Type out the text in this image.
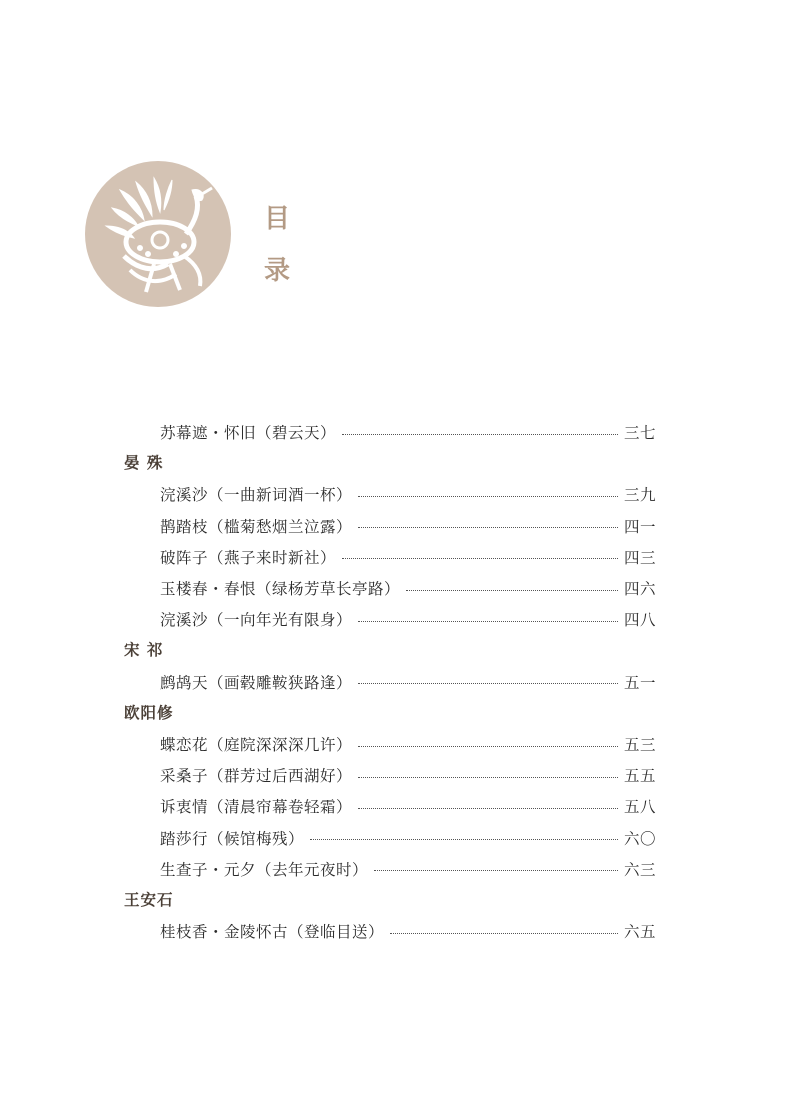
目
录
苏幕遮・怀旧（碧云天）	三七
晏 殊
浣溪沙（一曲新词酒一杯）	三九
鹊踏枝（槛菊愁烟兰泣露）	四一
破阵子（燕子来时新社）	四三
玉楼春・春恨（绿杨芳草长亭路）	四六
浣溪沙（一向年光有限身）	四八
宋 祁
鹧鸪天（画毂雕鞍狭路逢）	五一
欧阳修
蝶恋花（庭院深深深几许）	五三
采桑子（群芳过后西湖好）	五五
诉衷情（清晨帘幕卷轻霜）	五八
踏莎行（候馆梅残）	六〇
生查子・元夕（去年元夜时）	六三
王安石
桂枝香・金陵怀古（登临目送）	六五
